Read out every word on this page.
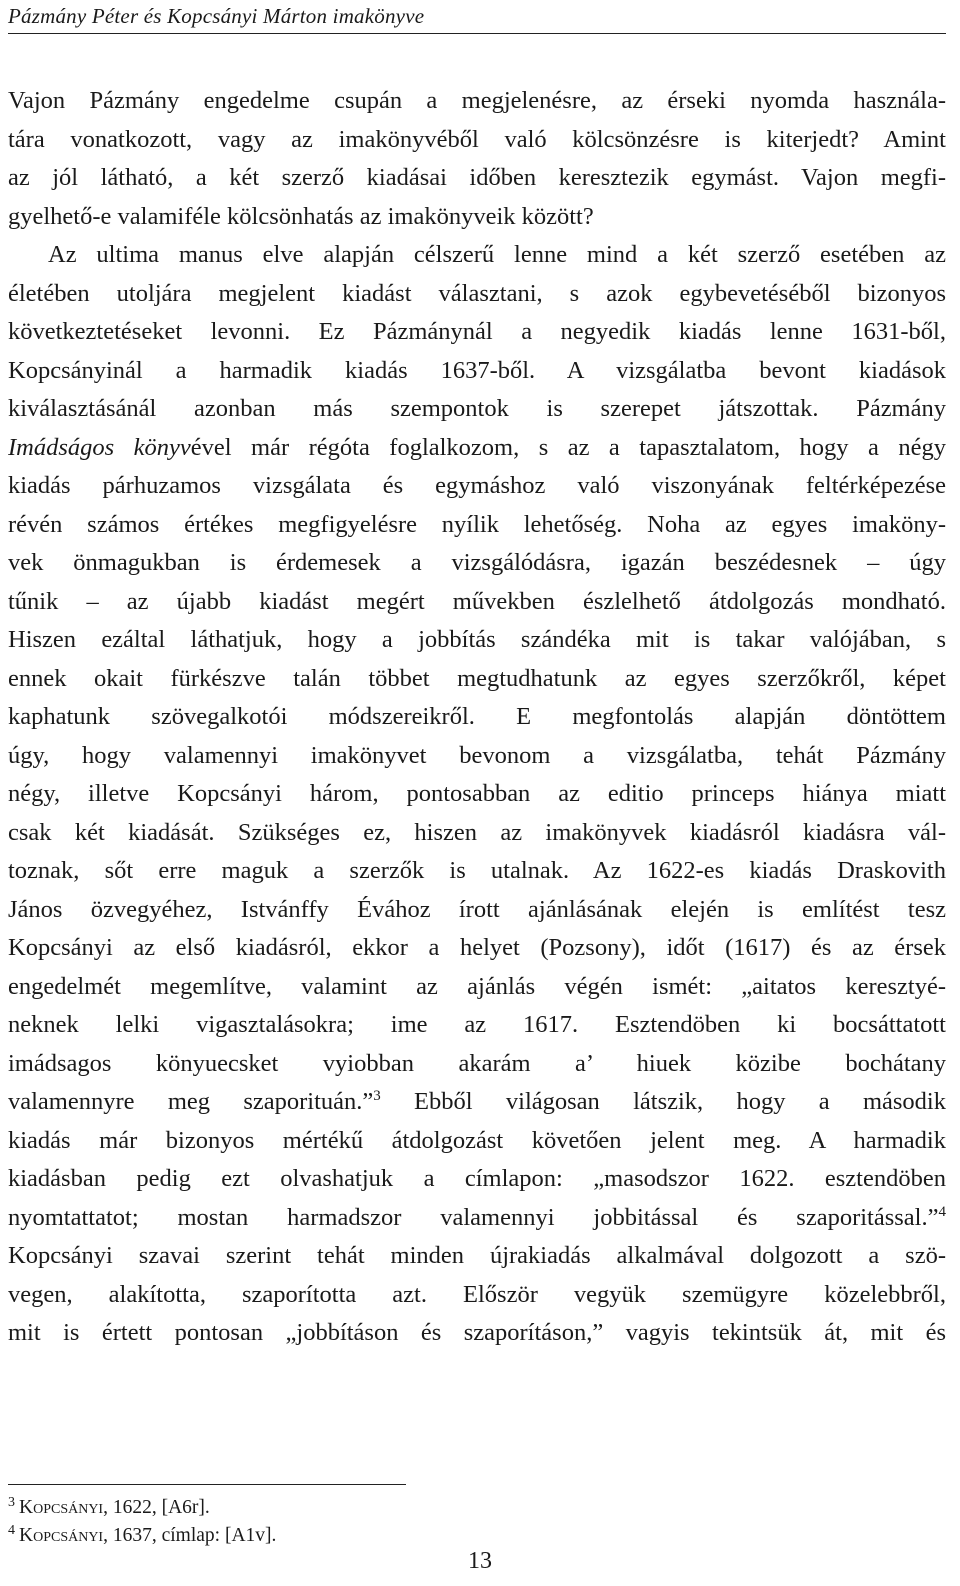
Pázmány Péter és Kopcsányi Márton imakönyve
Vajon Pázmány engedelme csupán a megjelenésre, az érseki nyomda használa-
tára vonatkozott, vagy az imakönyvéből való kölcsönzésre is kiterjedt? Amint
az jól látható, a két szerző kiadásai időben keresztezik egymást. Vajon megfi-
gyelhető-e valamiféle kölcsönhatás az imakönyveik között?
Az ultima manus elve alapján célszerű lenne mind a két szerző esetében az
életében utoljára megjelent kiadást választani, s azok egybevetéséből bizonyos
következtetéseket levonni. Ez Pázmánynál a negyedik kiadás lenne 1631-ből,
Kopcsányinál a harmadik kiadás 1637-ből. A vizsgálatba bevont kiadások
kiválasztásánál azonban más szempontok is szerepet játszottak. Pázmány
Imádságos könyvével már régóta foglalkozom, s az a tapasztalatom, hogy a négy
kiadás párhuzamos vizsgálata és egymáshoz való viszonyának feltérképezése
révén számos értékes megfigyelésre nyílik lehetőség. Noha az egyes imaköny-
vek önmagukban is érdemesek a vizsgálódásra, igazán beszédesnek – úgy
tűnik – az újabb kiadást megért művekben észlelhető átdolgozás mondható.
Hiszen ezáltal láthatjuk, hogy a jobbítás szándéka mit is takar valójában, s
ennek okait fürkészve talán többet megtudhatunk az egyes szerzőkről, képet
kaphatunk szövegalkotói módszereikről. E megfontolás alapján döntöttem
úgy, hogy valamennyi imakönyvet bevonom a vizsgálatba, tehát Pázmány
négy, illetve Kopcsányi három, pontosabban az editio princeps hiánya miatt
csak két kiadását. Szükséges ez, hiszen az imakönyvek kiadásról kiadásra vál-
toznak, sőt erre maguk a szerzők is utalnak. Az 1622-es kiadás Draskovith
János özvegyéhez, Istvánffy Évához írott ajánlásának elején is említést tesz
Kopcsányi az első kiadásról, ekkor a helyet (Pozsony), időt (1617) és az érsek
engedelmét megemlítve, valamint az ajánlás végén ismét: „aitatos keresztyé-
neknek lelki vigasztalásokra; ime az 1617. Esztendöben ki bocsáttatott
imádsagos könyuecsket vyiobban akarám a’ hiuek közibe bochátany
valamennyre meg szaporituán.”$^3$ Ebből világosan látszik, hogy a második
kiadás már bizonyos mértékű átdolgozást követően jelent meg. A harmadik
kiadásban pedig ezt olvashatjuk a címlapon: „masodszor 1622. esztendöben
nyomtattatot; mostan harmadszor valamennyi jobbitással és szaporitással.”$^4$
Kopcsányi szavai szerint tehát minden újrakiadás alkalmával dolgozott a szö-
vegen, alakította, szaporította azt. Először vegyük szemügyre közelebbről,
mit is értett pontosan „jobbításon és szaporításon,” vagyis tekintsük át, mit és
$^3$ Kopcsányi, 1622, [A6r].
$^4$ Kopcsányi, 1637, címlap: [A1v].
13
